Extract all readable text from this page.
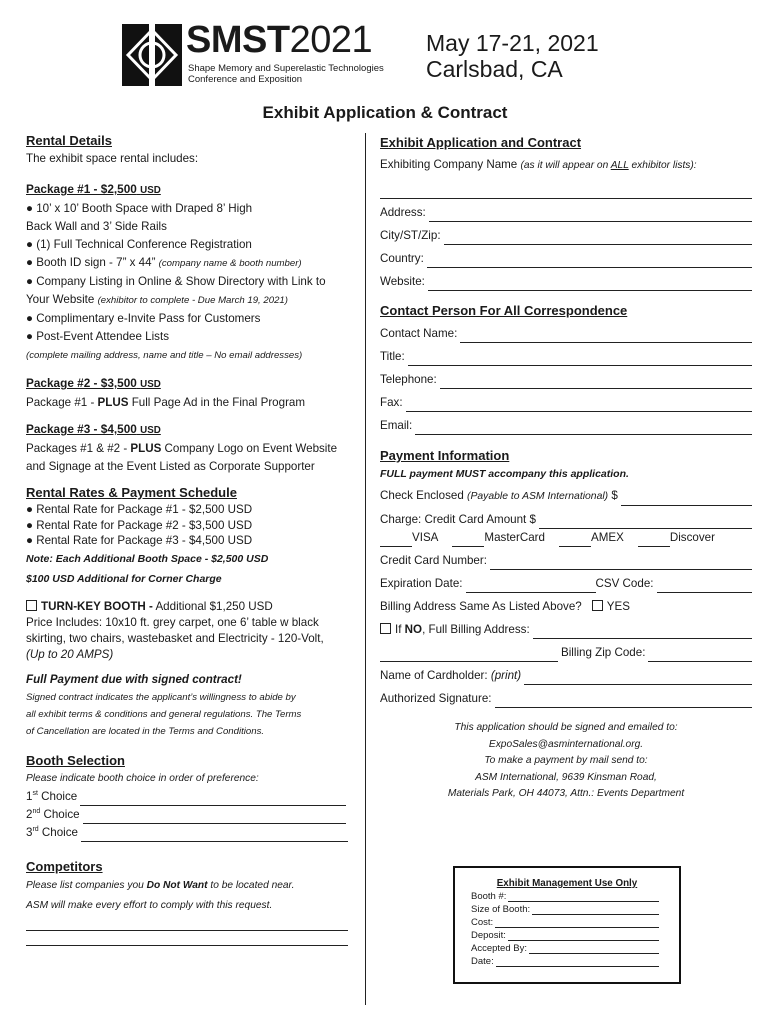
SMST2021
Shape Memory and Superelastic Technologies
Conference and Exposition
May 17-21, 2021
Carlsbad, CA
Exhibit Application & Contract
Rental Details

The exhibit space rental includes:

Package #1 - $2,500 USD

● 10’ x 10’ Booth Space with Draped 8’ High

Back Wall and 3’ Side Rails

● (1) Full Technical Conference Registration

● Booth ID sign - 7” x 44” (company name & booth number)

● Company Listing in Online & Show Directory with Link to

Your Website (exhibitor to complete - Due March 19, 2021)

● Complimentary e-Invite Pass for Customers

● Post-Event Attendee Lists

(complete mailing address, name and title – No email addresses)

Package #2 - $3,500 USD

Package #1 - PLUS Full Page Ad in the Final Program

Package #3 - $4,500 USD

Packages #1 & #2 - PLUS Company Logo on Event Website

and Signage at the Event Listed as Corporate Supporter

Rental Rates & Payment Schedule

● Rental Rate for Package #1 - $2,500 USD

● Rental Rate for Package #2 - $3,500 USD

● Rental Rate for Package #3 - $4,500 USD

Note: Each Additional Booth Space - $2,500 USD

$100 USD Additional for Corner Charge

TURN-KEY BOOTH - Additional $1,250 USD

Price Includes: 10x10 ft. grey carpet, one 6’ table w black

skirting, two chairs, wastebasket and Electricity - 120-Volt,

(Up to 20 AMPS)

Full Payment due with signed contract!

Signed contract indicates the applicant’s willingness to abide by

all exhibit terms & conditions and general regulations. The Terms

of Cancellation are located in the Terms and Conditions.

Booth Selection

Please indicate booth choice in order of preference:

1st Choice
2nd Choice
3rd Choice
Competitors

Please list companies you Do Not Want to be located near.

ASM will make every effort to comply with this request.

Exhibit Application and Contract

Exhibiting Company Name (as it will appear on ALL exhibitor lists):

Address:
City/ST/Zip:
Country:
Website:
Contact Person For All Correspondence
Contact Name:
Title:
Telephone:
Fax:
Email:
Payment Information

FULL payment MUST accompany this application.

Check Enclosed (Payable to ASM International) $
Charge: Credit Card Amount $
VISA	MasterCard	AMEX	Discover
Credit Card Number:
Expiration Date:	CSV Code:
Billing Address Same As Listed Above?	YES
If NO, Full Billing Address:
Billing Zip Code:
Name of Cardholder: (print)
Authorized Signature:
This application should be signed and emailed to:
ExpoSales@asminternational.org.
To make a payment by mail send to:
ASM International, 9639 Kinsman Road,
Materials Park, OH 44073, Attn.: Events Department
Exhibit Management Use Only
Booth #:
Size of Booth:
Cost:
Deposit:
Accepted By:
Date:
